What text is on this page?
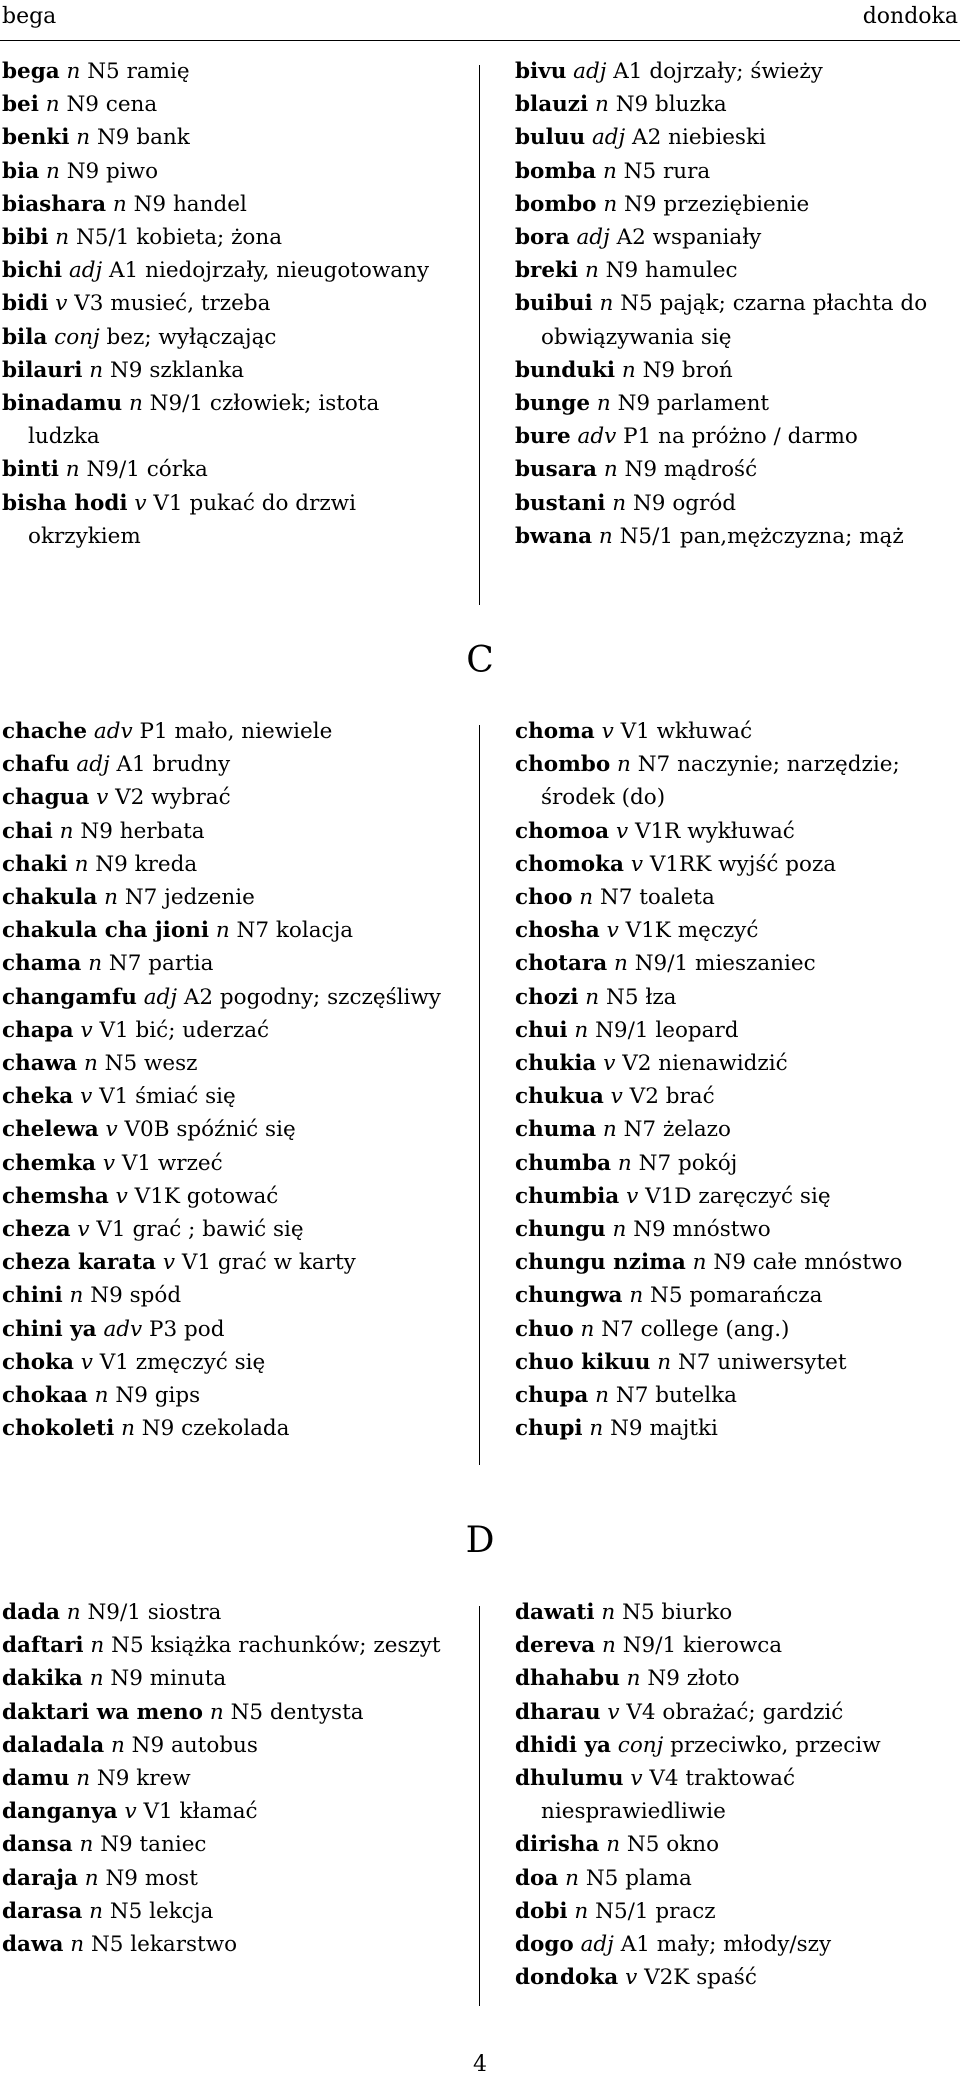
bega	dondoka
bega n N5 ramię
bei n N9 cena
benki n N9 bank
bia n N9 piwo
biashara n N9 handel
bibi n N5/1 kobieta; żona
bichi adj A1 niedojrzały, nieugotowany
bidi v V3 musieć, trzeba
bila conj bez; wyłączając
bilauri n N9 szklanka
binadamu n N9/1 człowiek; istota ludzka
binti n N9/1 córka
bisha hodi v V1 pukać do drzwi okrzykiem
bivu adj A1 dojrzały; świeży
blauzi n N9 bluzka
buluu adj A2 niebieski
bomba n N5 rura
bombo n N9 przeziębienie
bora adj A2 wspaniały
breki n N9 hamulec
buibui n N5 pająk; czarna płachta do obwiązywania się
bunduki n N9 broń
bunge n N9 parlament
bure adv P1 na próżno / darmo
busara n N9 mądrość
bustani n N9 ogród
bwana n N5/1 pan,mężczyzna; mąż
C
chache adv P1 mało, niewiele
chafu adj A1 brudny
chagua v V2 wybrać
chai n N9 herbata
chaki n N9 kreda
chakula n N7 jedzenie
chakula cha jioni n N7 kolacja
chama n N7 partia
changamfu adj A2 pogodny; szczęśliwy
chapa v V1 bić; uderzać
chawa n N5 wesz
cheka v V1 śmiać się
chelewa v V0B spóźnić się
chemka v V1 wrzeć
chemsha v V1K gotować
cheza v V1 grać ; bawić się
cheza karata v V1 grać w karty
chini n N9 spód
chini ya adv P3 pod
choka v V1 zmęczyć się
chokaa n N9 gips
chokoleti n N9 czekolada
choma v V1 wkłuwać
chombo n N7 naczynie; narzędzie; środek (do)
chomoa v V1R wykłuwać
chomoka v V1RK wyjść poza
choo n N7 toaleta
chosha v V1K męczyć
chotara n N9/1 mieszaniec
chozi n N5 łza
chui n N9/1 leopard
chukia v V2 nienawidzić
chukua v V2 brać
chuma n N7 żelazo
chumba n N7 pokój
chumbia v V1D zaręczyć się
chungu n N9 mnóstwo
chungu nzima n N9 całe mnóstwo
chungwa n N5 pomarańcza
chuo n N7 college (ang.)
chuo kikuu n N7 uniwersytet
chupa n N7 butelka
chupi n N9 majtki
D
dada n N9/1 siostra
daftari n N5 książka rachunków; zeszyt
dakika n N9 minuta
daktari wa meno n N5 dentysta
daladala n N9 autobus
damu n N9 krew
danganya v V1 kłamać
dansa n N9 taniec
daraja n N9 most
darasa n N5 lekcja
dawa n N5 lekarstwo
dawati n N5 biurko
dereva n N9/1 kierowca
dhahabu n N9 złoto
dharau v V4 obrażać; gardzić
dhidi ya conj przeciwko, przeciw
dhulumu v V4 traktować niesprawiedliwie
dirisha n N5 okno
doa n N5 plama
dobi n N5/1 pracz
dogo adj A1 mały; młody/szy
dondoka v V2K spaść
4
